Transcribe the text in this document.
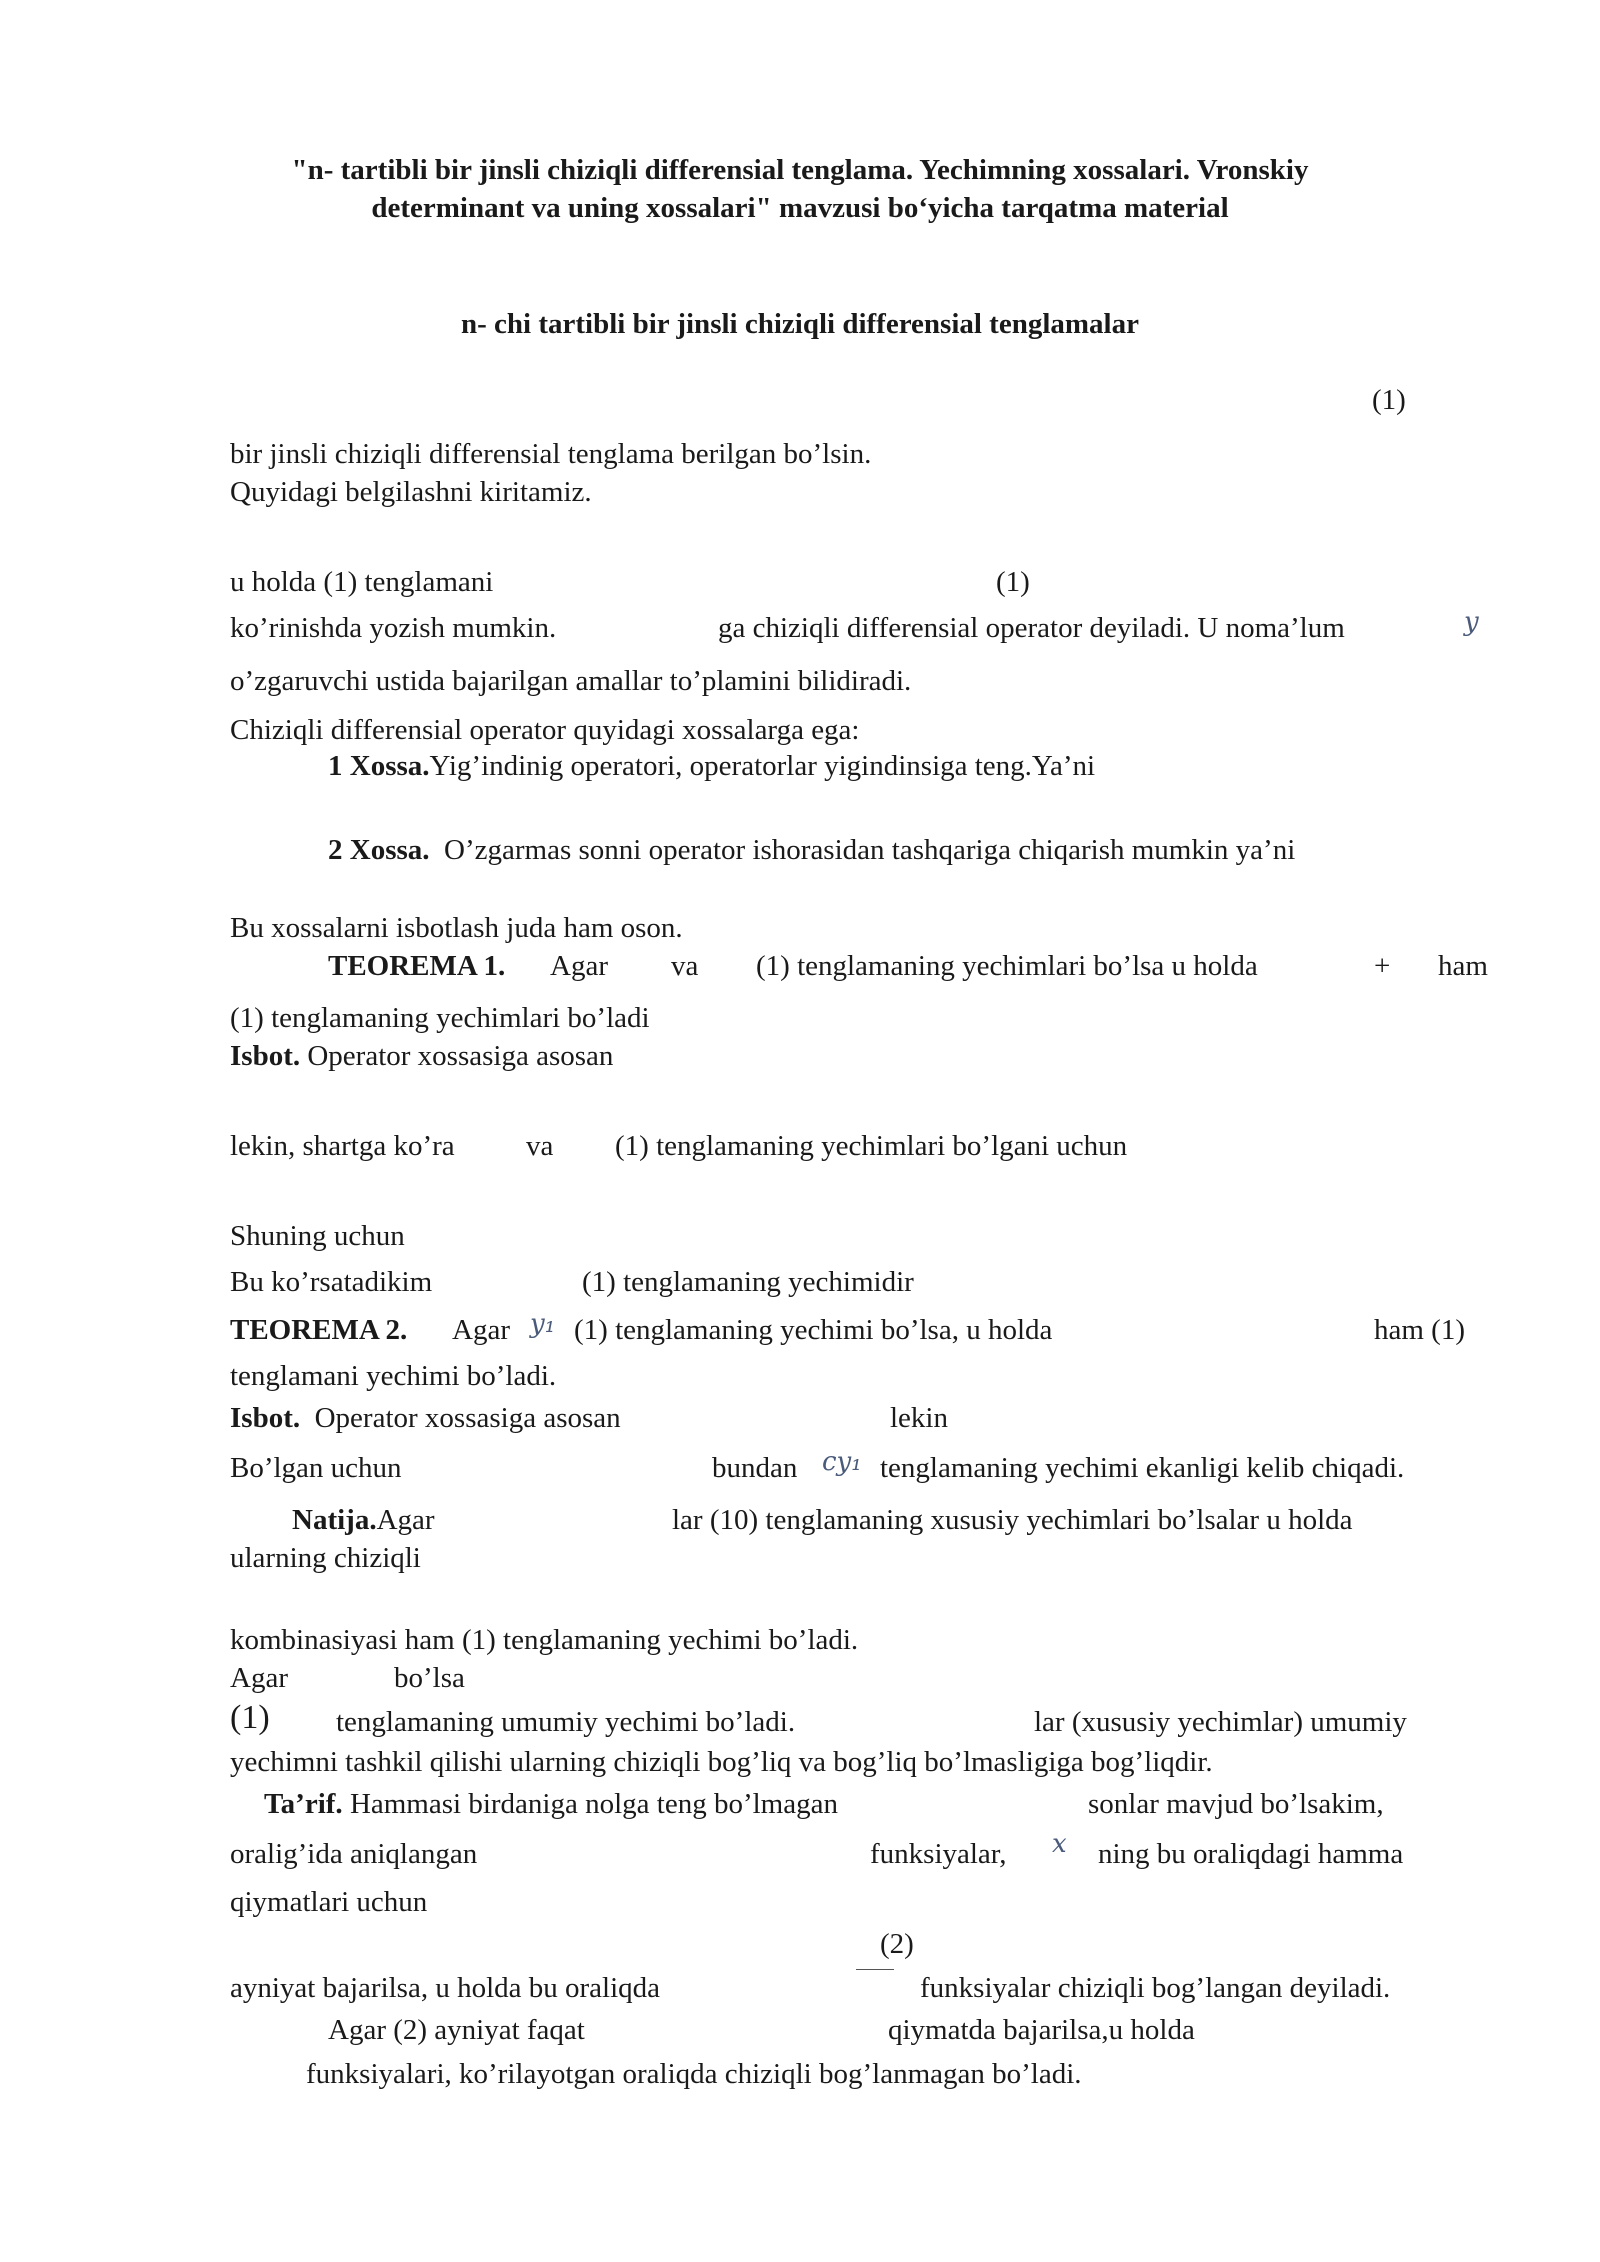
"n- tartibli bir jinsli chiziqli differensial tenglama. Yechimning xossalari. Vronskiy
determinant va uning xossalari" mavzusi bo‘yicha tarqatma material
n- chi tartibli bir jinsli chiziqli differensial tenglamalar
(1)
bir jinsli chiziqli differensial tenglama berilgan bo’lsin.
Quyidagi belgilashni kiritamiz.
u holda (1) tenglamani	(1)
ko’rinishda yozish mumkin.	ga chiziqli differensial operator deyiladi. U noma’lum	y
o’zgaruvchi ustida bajarilgan amallar to’plamini bilidiradi.
Chiziqli differensial operator quyidagi xossalarga ega:
1 Xossa.Yig’indinig operatori, operatorlar yigindinsiga teng.Ya’ni
2 Xossa. O’zgarmas sonni operator ishorasidan tashqariga chiqarish mumkin ya’ni
Bu xossalarni isbotlash juda ham oson.
TEOREMA 1. Agar va (1) tenglamaning yechimlari bo’lsa u holda	+ ham
(1) tenglamaning yechimlari bo’ladi
Isbot. Operator xossasiga asosan
lekin, shartga ko’ra va (1) tenglamaning yechimlari bo’lgani uchun
Shuning uchun
Bu ko’rsatadikim	(1) tenglamaning yechimidir
TEOREMA 2. Agar y₁ (1) tenglamaning yechimi bo’lsa, u holda	ham (1)
tenglamani yechimi bo’ladi.
Isbot. Operator xossasiga asosan	lekin
Bo’lgan uchun	bundan cy₁ tenglamaning yechimi ekanligi kelib chiqadi.
Natija.Agar	lar (10) tenglamaning xususiy yechimlari bo’lsalar u holda
ularning chiziqli
kombinasiyasi ham (1) tenglamaning yechimi bo’ladi.
Agar	bo’lsa
(1) tenglamaning umumiy yechimi bo’ladi.	lar (xususiy yechimlar) umumiy
yechimni tashkil qilishi ularning chiziqli bog’liq va bog’liq bo’lmasligiga bog’liqdir.
Ta’rif. Hammasi birdaniga nolga teng bo’lmagan	sonlar mavjud bo’lsakim,
oralig’ida aniqlangan	funksiyalar, x ning bu oraliqdagi hamma
qiymatlari uchun
(2)
ayniyat bajarilsa, u holda bu oraliqda	funksiyalar chiziqli bog’langan deyiladi.
Agar (2) ayniyat faqat	qiymatda bajarilsa,u holda
funksiyalari, ko’rilayotgan oraliqda chiziqli bog’lanmagan bo’ladi.
